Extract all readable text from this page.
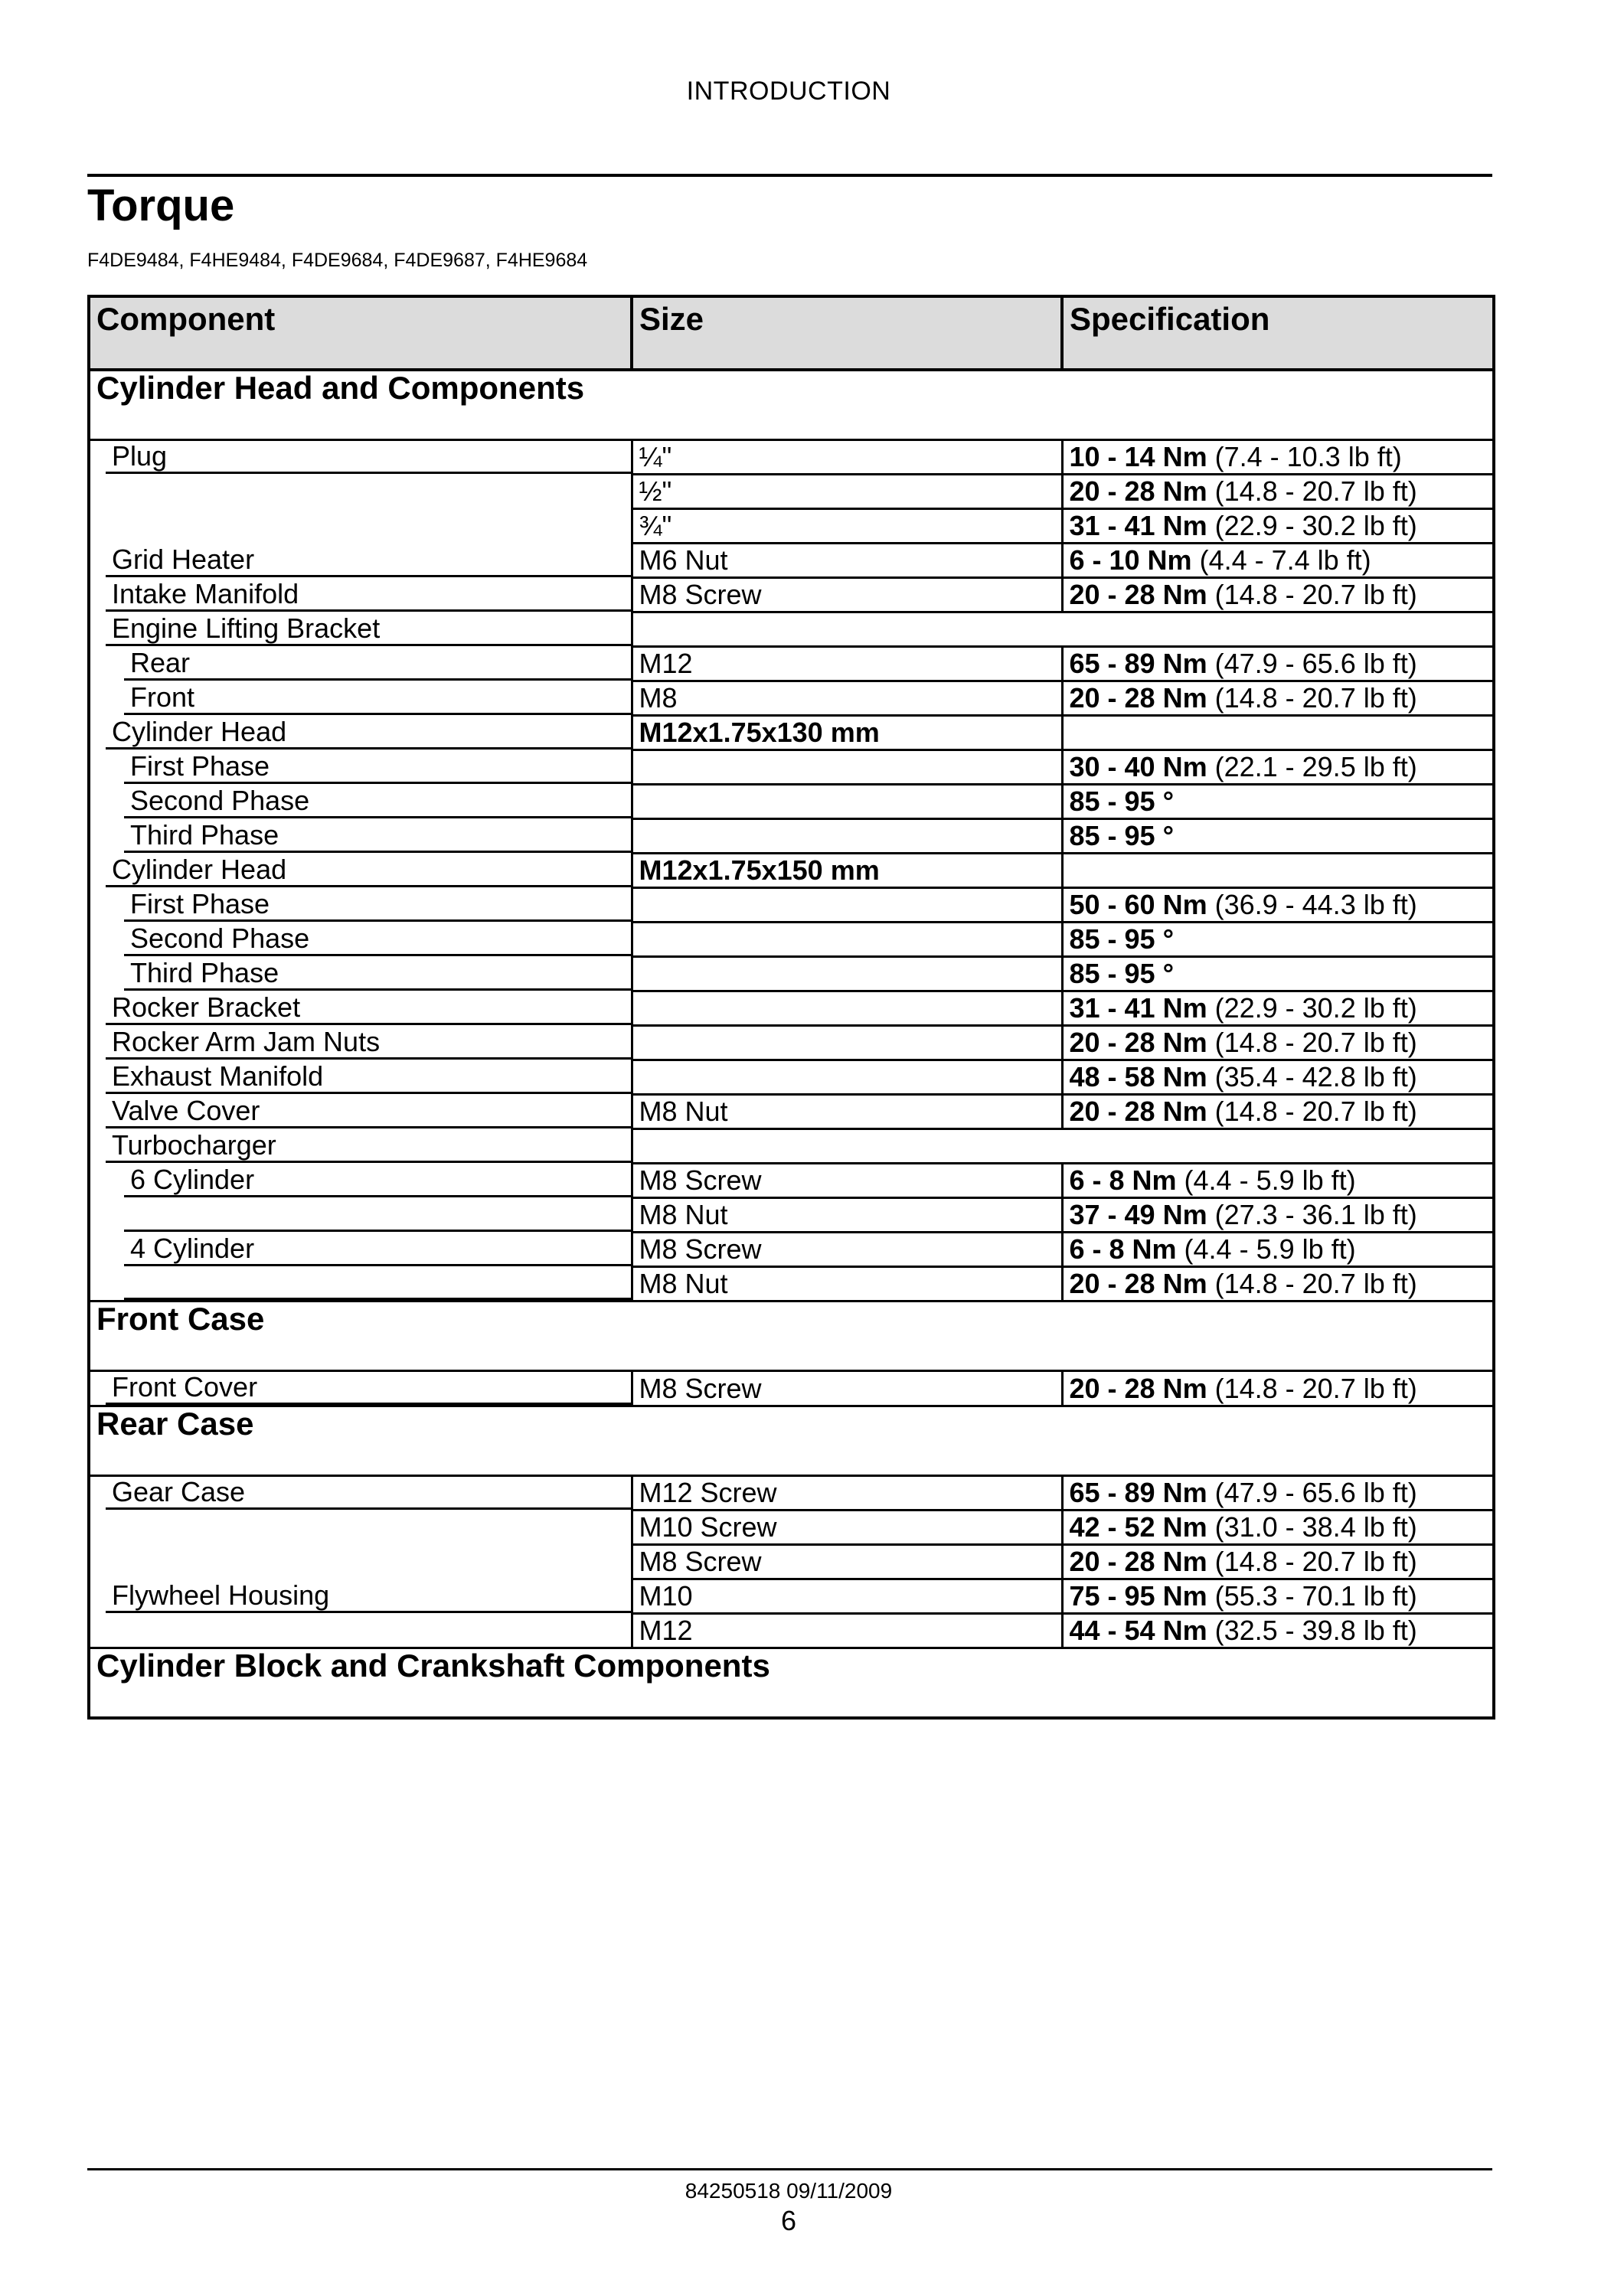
INTRODUCTION
Torque
F4DE9484, F4HE9484, F4DE9684, F4DE9687, F4HE9684
Component	Size	Specification
Cylinder Head and Components		

Plug	¼"	10 - 14 Nm (7.4 - 10.3 lb ft)

	½"	20 - 28 Nm (14.8 - 20.7 lb ft)

	¾"	31 - 41 Nm (22.9 - 30.2 lb ft)

Grid Heater	M6 Nut	6 - 10 Nm (4.4 - 7.4 lb ft)

Intake Manifold	M8 Screw	20 - 28 Nm (14.8 - 20.7 lb ft)

Engine Lifting Bracket		

Rear	M12	65 - 89 Nm (47.9 - 65.6 lb ft)

Front	M8	20 - 28 Nm (14.8 - 20.7 lb ft)

Cylinder Head	M12x1.75x130 mm	

First Phase		30 - 40 Nm (22.1 - 29.5 lb ft)

Second Phase		85 - 95 °

Third Phase		85 - 95 °

Cylinder Head	M12x1.75x150 mm	

First Phase		50 - 60 Nm (36.9 - 44.3 lb ft)

Second Phase		85 - 95 °

Third Phase		85 - 95 °

Rocker Bracket		31 - 41 Nm (22.9 - 30.2 lb ft)

Rocker Arm Jam Nuts		20 - 28 Nm (14.8 - 20.7 lb ft)

Exhaust Manifold		48 - 58 Nm (35.4 - 42.8 lb ft)

Valve Cover	M8 Nut	20 - 28 Nm (14.8 - 20.7 lb ft)

Turbocharger		

6 Cylinder	M8 Screw	6 - 8 Nm (4.4 - 5.9 lb ft)

	M8 Nut	37 - 49 Nm (27.3 - 36.1 lb ft)

4 Cylinder	M8 Screw	6 - 8 Nm (4.4 - 5.9 lb ft)

	M8 Nut	20 - 28 Nm (14.8 - 20.7 lb ft)
Front Case		

Front Cover	M8 Screw	20 - 28 Nm (14.8 - 20.7 lb ft)
Rear Case		

Gear Case	M12 Screw	65 - 89 Nm (47.9 - 65.6 lb ft)

	M10 Screw	42 - 52 Nm (31.0 - 38.4 lb ft)

	M8 Screw	20 - 28 Nm (14.8 - 20.7 lb ft)

Flywheel Housing	M10	75 - 95 Nm (55.3 - 70.1 lb ft)

	M12	44 - 54 Nm (32.5 - 39.8 lb ft)
Cylinder Block and Crankshaft Components		
84250518 09/11/2009
6
